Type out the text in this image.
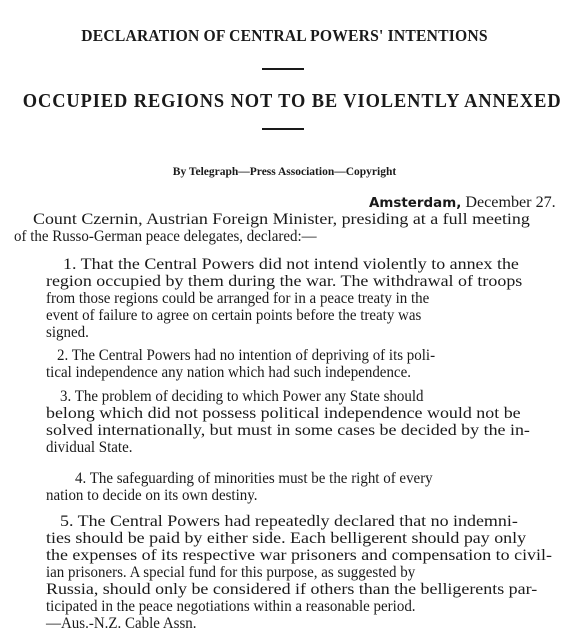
DECLARATION OF CENTRAL POWERS' INTENTIONS
OCCUPIED REGIONS NOT TO BE VIOLENTLY ANNEXED
By Telegraph—Press Association—Copyright
Amsterdam, December 27.
Count Czernin, Austrian Foreign Minister, presiding at a full meeting
of the Russo-German peace delegates, declared:—
1. That the Central Powers did not intend violently to annex the
region occupied by them during the war. The withdrawal of troops
from those regions could be arranged for in a peace treaty in the
event of failure to agree on certain points before the treaty was
signed.
2. The Central Powers had no intention of depriving of its poli-
tical independence any nation which had such independence.
3. The problem of deciding to which Power any State should
belong which did not possess political independence would not be
solved internationally, but must in some cases be decided by the in-
dividual State.
4. The safeguarding of minorities must be the right of every
nation to decide on its own destiny.
5. The Central Powers had repeatedly declared that no indemni-
ties should be paid by either side. Each belligerent should pay only
the expenses of its respective war prisoners and compensation to civil-
ian prisoners. A special fund for this purpose, as suggested by
Russia, should only be considered if others than the belligerents par-
ticipated in the peace negotiations within a reasonable period.
—Aus.-N.Z. Cable Assn.
